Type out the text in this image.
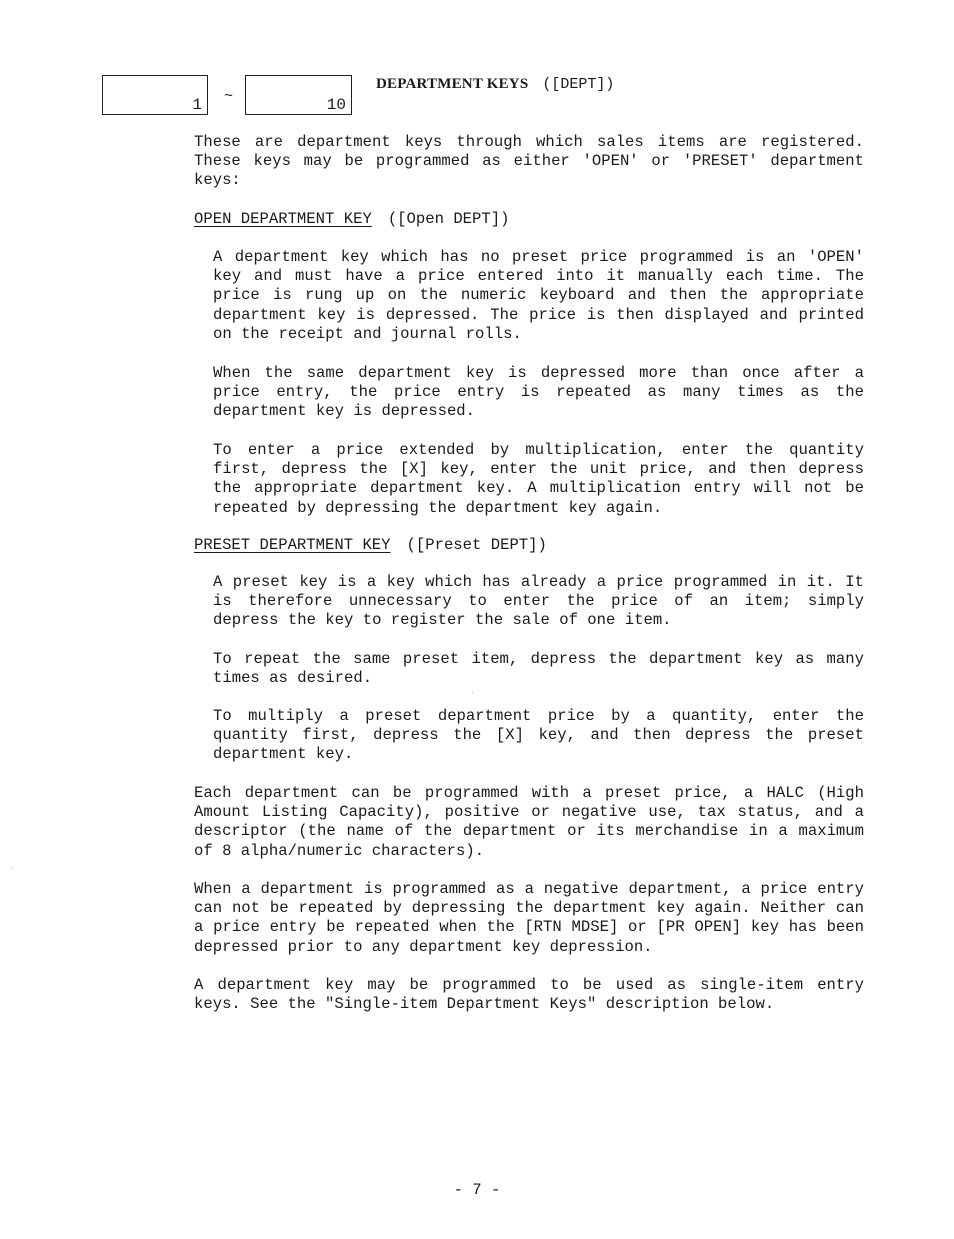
1 ~	10
DEPARTMENT KEYS ([DEPT])

These are department keys through which sales items are registered. These keys may be programmed as either 'OPEN' or 'PRESET' department keys:

OPEN DEPARTMENT KEY ([Open DEPT])

A department key which has no preset price programmed is an 'OPEN' key and must have a price entered into it manually each time. The price is rung up on the numeric keyboard and then the appropriate department key is depressed. The price is then displayed and printed on the receipt and journal rolls.

When the same department key is depressed more than once after a price entry, the price entry is repeated as many times as the department key is depressed.

To enter a price extended by multiplication, enter the quantity first, depress the [X] key, enter the unit price, and then depress the appropriate department key. A multiplication entry will not be repeated by depressing the department key again.

PRESET DEPARTMENT KEY ([Preset DEPT])

A preset key is a key which has already a price programmed in it. It is therefore unnecessary to enter the price of an item; simply depress the key to register the sale of one item.

To repeat the same preset item, depress the department key as many times as desired.

To multiply a preset department price by a quantity, enter the quantity first, depress the [X] key, and then depress the preset department key.

Each department can be programmed with a preset price, a HALC (High Amount Listing Capacity), positive or negative use, tax status, and a descriptor (the name of the department or its merchandise in a maximum of 8 alpha/numeric characters).

When a department is programmed as a negative department, a price entry can not be repeated by depressing the department key again. Neither can a price entry be repeated when the [RTN MDSE] or [PR OPEN] key has been depressed prior to any department key depression.

A department key may be programmed to be used as single-item entry keys. See the "Single-item Department Keys" description below.

- 7 -
